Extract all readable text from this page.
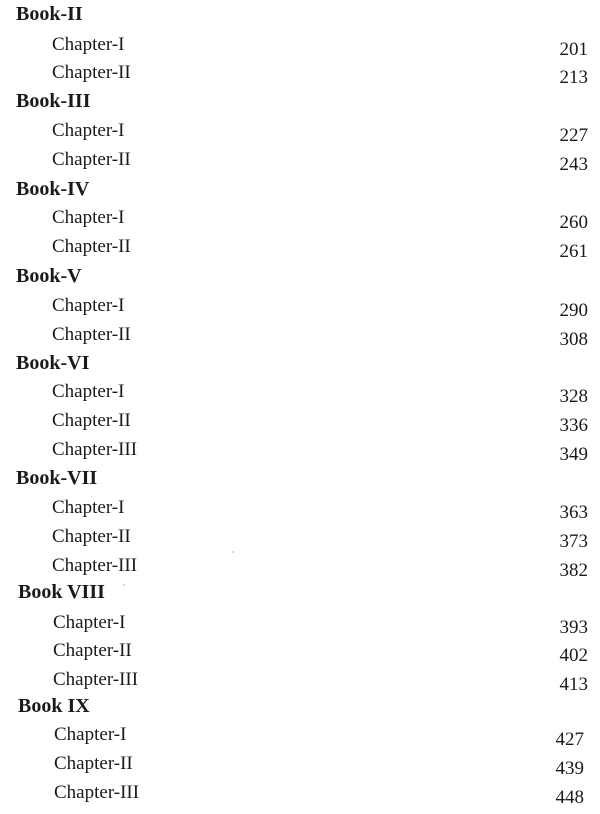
Book-II
Chapter-I	201
Chapter-II	213
Book-III
Chapter-I	227
Chapter-II	243
Book-IV
Chapter-I	260
Chapter-II	261
Book-V
Chapter-I	290
Chapter-II	308
Book-VI
Chapter-I	328
Chapter-II	336
Chapter-III	349
Book-VII
Chapter-I	363
Chapter-II	373
Chapter-III	382
Book VIII
Chapter-I	393
Chapter-II	402
Chapter-III	413
Book IX
Chapter-I	427
Chapter-II	439
Chapter-III	448
